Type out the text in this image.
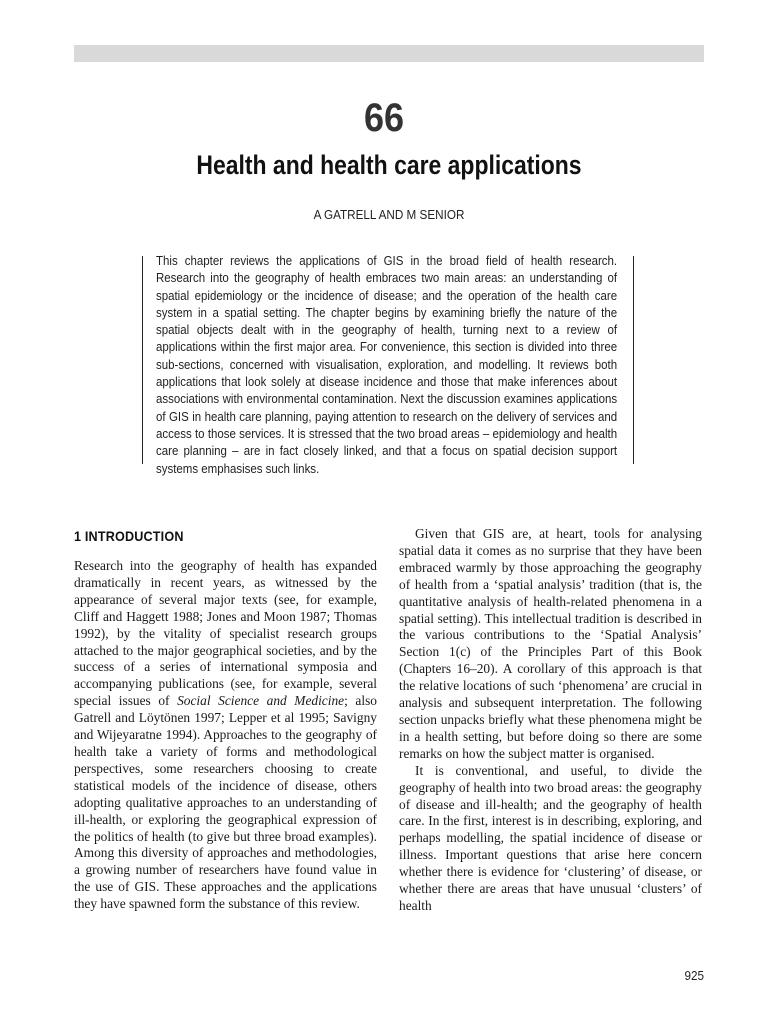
66
Health and health care applications
A GATRELL AND M SENIOR
This chapter reviews the applications of GIS in the broad field of health research. Research into the geography of health embraces two main areas: an understanding of spatial epidemiology or the incidence of disease; and the operation of the health care system in a spatial setting. The chapter begins by examining briefly the nature of the spatial objects dealt with in the geography of health, turning next to a review of applications within the first major area. For convenience, this section is divided into three sub-sections, concerned with visualisation, exploration, and modelling. It reviews both applications that look solely at disease incidence and those that make inferences about associations with environmental contamination. Next the discussion examines applications of GIS in health care planning, paying attention to research on the delivery of services and access to those services. It is stressed that the two broad areas – epidemiology and health care planning – are in fact closely linked, and that a focus on spatial decision support systems emphasises such links.
1 INTRODUCTION

Research into the geography of health has expanded dramatically in recent years, as witnessed by the appearance of several major texts (see, for example, Cliff and Haggett 1988; Jones and Moon 1987; Thomas 1992), by the vitality of specialist research groups attached to the major geographical societies, and by the success of a series of international symposia and accompanying publications (see, for example, several special issues of Social Science and Medicine; also Gatrell and Löytönen 1997; Lepper et al 1995; Savigny and Wijeyaratne 1994). Approaches to the geography of health take a variety of forms and methodological perspectives, some researchers choosing to create statistical models of the incidence of disease, others adopting qualitative approaches to an understanding of ill-health, or exploring the geographical expression of the politics of health (to give but three broad examples). Among this diversity of approaches and methodologies, a growing number of researchers have found value in the use of GIS. These approaches and the applications they have spawned form the substance of this review.

Given that GIS are, at heart, tools for analysing spatial data it comes as no surprise that they have been embraced warmly by those approaching the geography of health from a ‘spatial analysis’ tradition (that is, the quantitative analysis of health-related phenomena in a spatial setting). This intellectual tradition is described in the various contributions to the ‘Spatial Analysis’ Section 1(c) of the Principles Part of this Book (Chapters 16–20). A corollary of this approach is that the relative locations of such ‘phenomena’ are crucial in analysis and subsequent interpretation. The following section unpacks briefly what these phenomena might be in a health setting, but before doing so there are some remarks on how the subject matter is organised.

It is conventional, and useful, to divide the geography of health into two broad areas: the geography of disease and ill-health; and the geography of health care. In the first, interest is in describing, exploring, and perhaps modelling, the spatial incidence of disease or illness. Important questions that arise here concern whether there is evidence for ‘clustering’ of disease, or whether there are areas that have unusual ‘clusters’ of health

925
